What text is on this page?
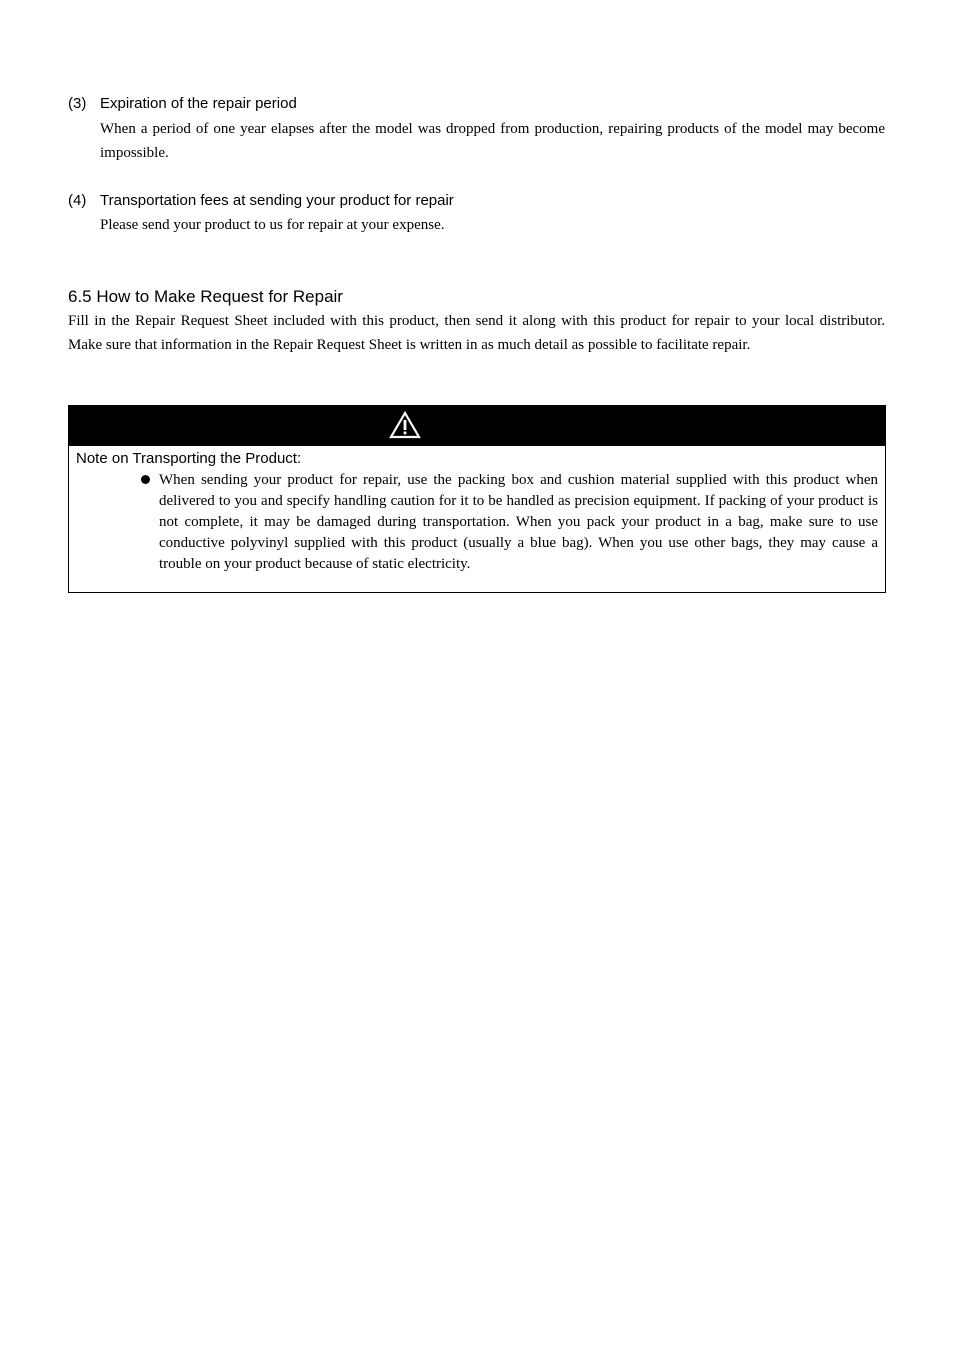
(3) Expiration of the repair period
When a period of one year elapses after the model was dropped from production, repairing products of the model may become impossible.
(4) Transportation fees at sending your product for repair
Please send your product to us for repair at your expense.
6.5 How to Make Request for Repair
Fill in the Repair Request Sheet included with this product, then send it along with this product for repair to your local distributor. Make sure that information in the Repair Request Sheet is written in as much detail as possible to facilitate repair.
Note on Transporting the Product:
When sending your product for repair, use the packing box and cushion material supplied with this product when delivered to you and specify handling caution for it to be handled as precision equipment. If packing of your product is not complete, it may be damaged during transportation. When you pack your product in a bag, make sure to use conductive polyvinyl supplied with this product (usually a blue bag). When you use other bags, they may cause a trouble on your product because of static electricity.
